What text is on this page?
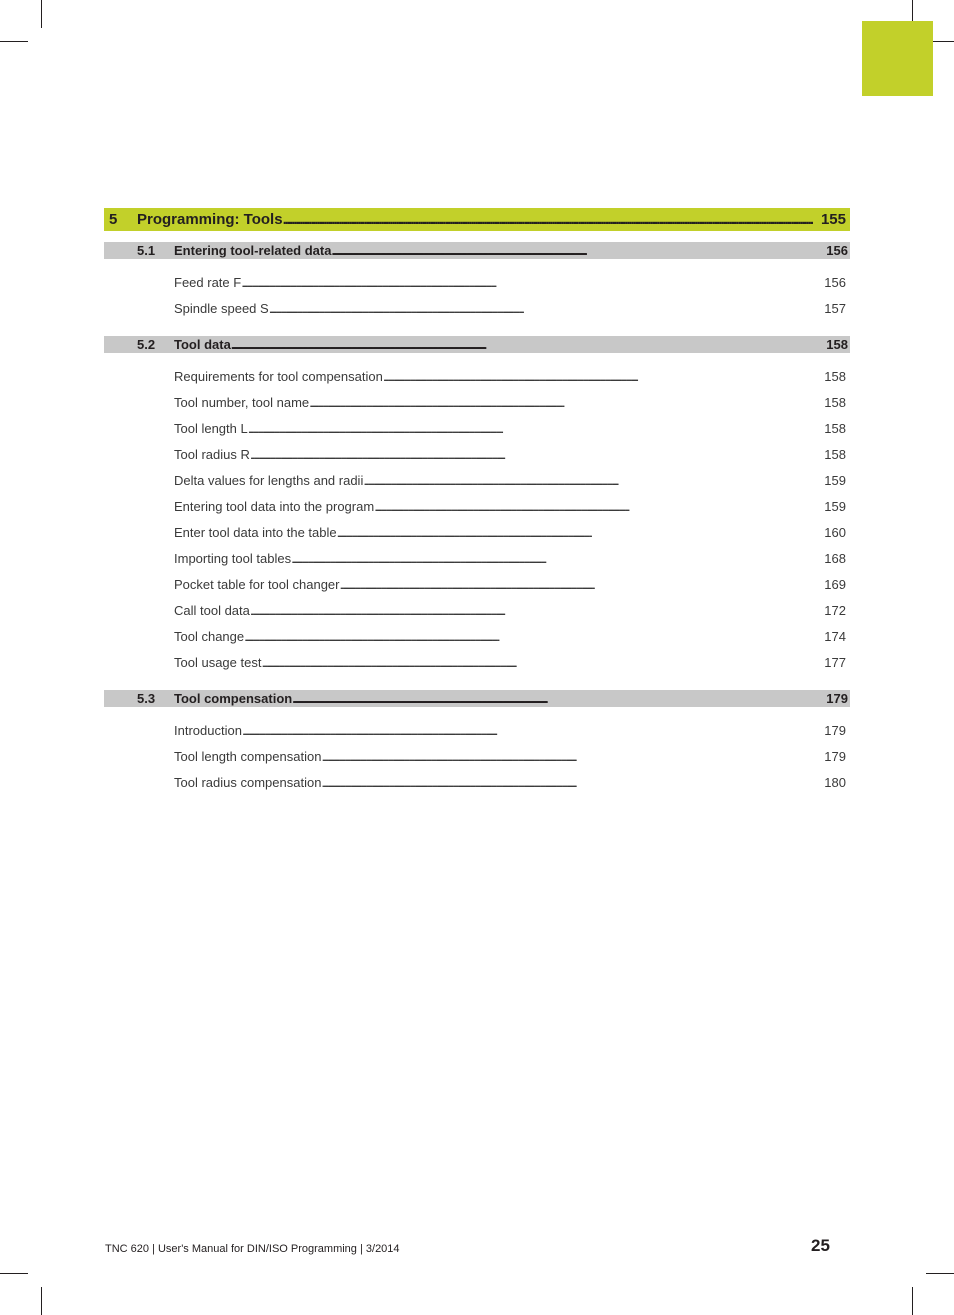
5 Programming: Tools . . .	155
5.1 Entering tool-related data . . .	156
Feed rate F . . .	156
Spindle speed S . . .	157
5.2 Tool data . . .	158
Requirements for tool compensation . . .	158
Tool number, tool name . . .	158
Tool length L . . .	158
Tool radius R . . .	158
Delta values for lengths and radii . . .	159
Entering tool data into the program . . .	159
Enter tool data into the table . . .	160
Importing tool tables . . .	168
Pocket table for tool changer . . .	169
Call tool data . . .	172
Tool change . . .	174
Tool usage test . . .	177
5.3 Tool compensation . . .	179
Introduction . . .	179
Tool length compensation . . .	179
Tool radius compensation . . .	180
TNC 620 | User's Manual for DIN/ISO Programming | 3/2014	25
